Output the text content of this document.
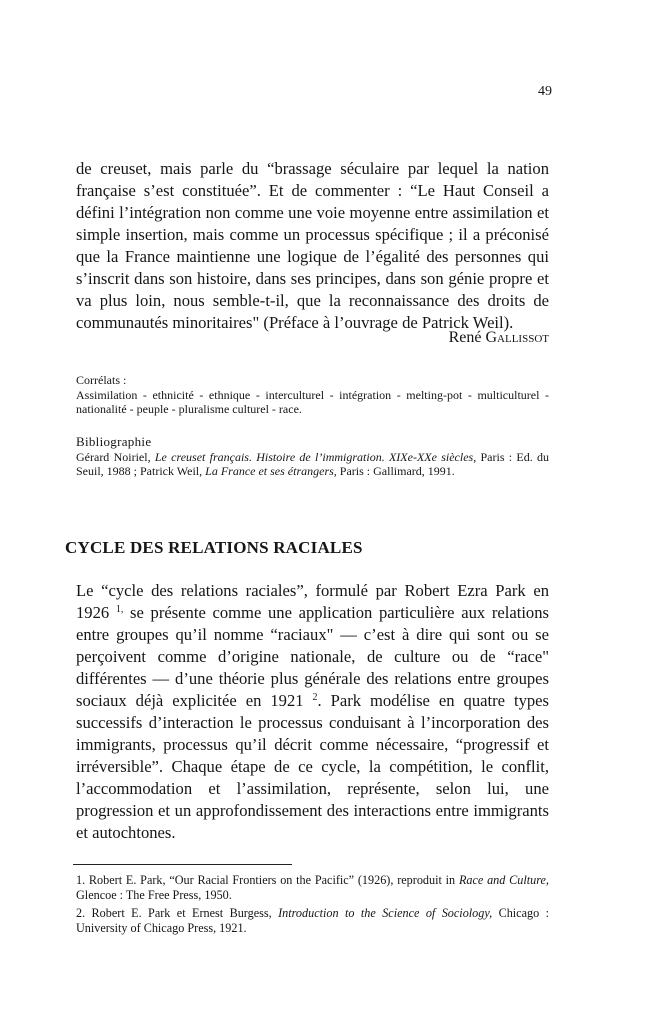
49

de creuset, mais parle du “brassage séculaire par lequel la nation française s’est constituée”. Et de commenter : “Le Haut Conseil a défini l’intégration non comme une voie moyenne entre assimilation et simple insertion, mais comme un processus spécifique ; il a préconisé que la France maintienne une logique de l’égalité des personnes qui s’inscrit dans son histoire, dans ses principes, dans son génie propre et va plus loin, nous semble-t-il, que la reconnaissance des droits de communautés minoritaires" (Préface à l’ouvrage de Patrick Weil).

René Gallissot
Corrélats :
Assimilation - ethnicité - ethnique - interculturel - intégration - melting-pot - multiculturel - nationalité - peuple - pluralisme culturel - race.
Bibliographie
Gérard Noiriel, Le creuset français. Histoire de l’immigration. XIXe-XXe siècles, Paris : Ed. du Seuil, 1988 ; Patrick Weil, La France et ses étrangers, Paris : Gallimard, 1991.
CYCLE DES RELATIONS RACIALES

Le “cycle des relations raciales”, formulé par Robert Ezra Park en 1926 $^{1,}$ se présente comme une application particulière aux relations entre groupes qu’il nomme “raciaux" — c’est à dire qui sont ou se perçoivent comme d’origine nationale, de culture ou de “race" différentes — d’une théorie plus générale des relations entre groupes sociaux déjà explicitée en 1921 $^2$. Park modélise en quatre types successifs d’interaction le processus conduisant à l’incorporation des immigrants, processus qu’il décrit comme nécessaire, “progressif et irréversible”. Chaque étape de ce cycle, la compétition, le conflit, l’accommodation et l’assimilation, représente, selon lui, une progression et un approfondissement des interactions entre immigrants et autochtones.

1. Robert E. Park, “Our Racial Frontiers on the Pacific” (1926), reproduit in Race and Culture, Glencoe : The Free Press, 1950.

2. Robert E. Park et Ernest Burgess, Introduction to the Science of Sociology, Chicago : University of Chicago Press, 1921.
